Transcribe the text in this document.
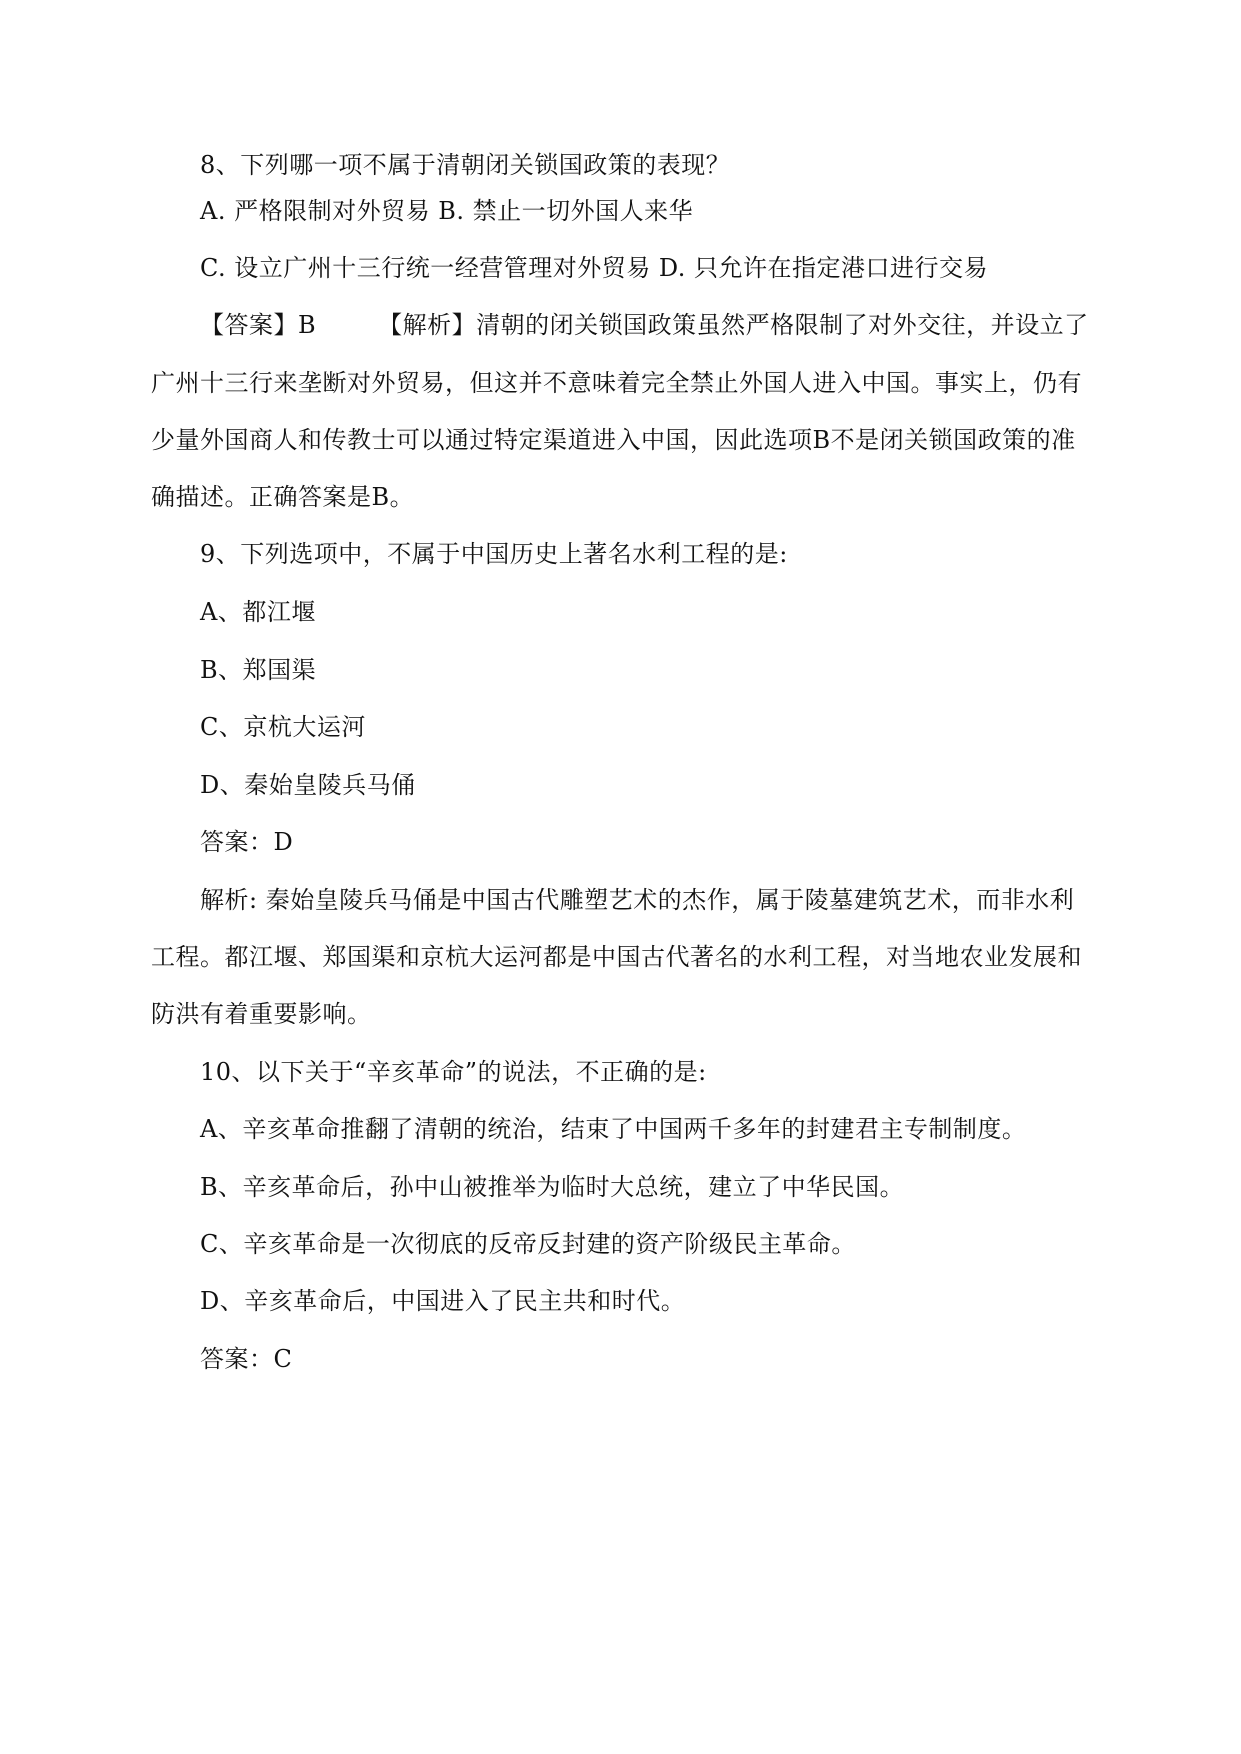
8、下列哪一项不属于清朝闭关锁国政策的表现？
A. 严格限制对外贸易 B. 禁止一切外国人来华
C. 设立广州十三行统一经营管理对外贸易 D. 只允许在指定港口进行交易
【答案】B	【解析】清朝的闭关锁国政策虽然严格限制了对外交往，并设立了
广州十三行来垄断对外贸易，但这并不意味着完全禁止外国人进入中国。事实上，仍有
少量外国商人和传教士可以通过特定渠道进入中国，因此选项B不是闭关锁国政策的准
确描述。正确答案是B。
9、下列选项中，不属于中国历史上著名水利工程的是:
A、都江堰
B、郑国渠
C、京杭大运河
D、秦始皇陵兵马俑
答案：D
解析: 秦始皇陵兵马俑是中国古代雕塑艺术的杰作，属于陵墓建筑艺术，而非水利
工程。都江堰、郑国渠和京杭大运河都是中国古代著名的水利工程，对当地农业发展和
防洪有着重要影响。
10、以下关于“辛亥革命”的说法，不正确的是:
A、辛亥革命推翻了清朝的统治，结束了中国两千多年的封建君主专制制度。
B、辛亥革命后，孙中山被推举为临时大总统，建立了中华民国。
C、辛亥革命是一次彻底的反帝反封建的资产阶级民主革命。
D、辛亥革命后，中国进入了民主共和时代。
答案：C
